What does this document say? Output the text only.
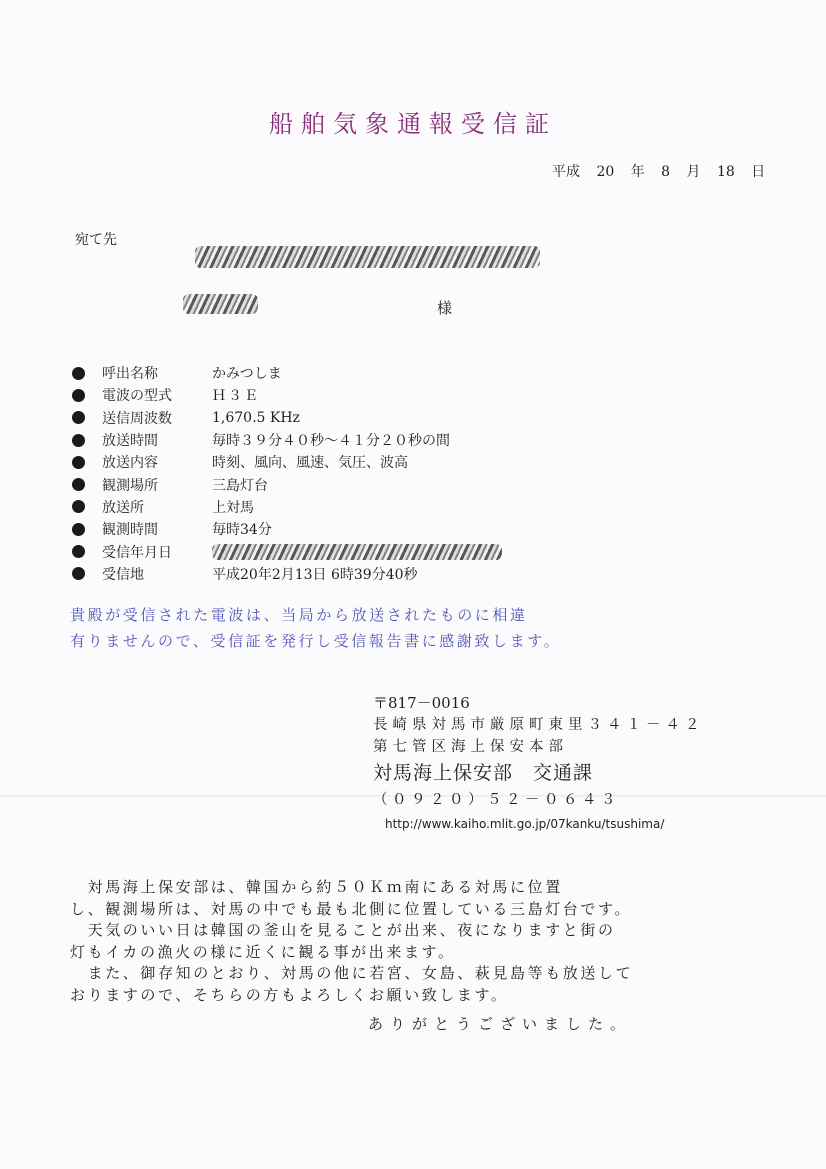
船舶気象通報受信証
平成 20 年 8 月 18 日
宛て先
様
呼出名称	かみつしま
電波の型式	Ｈ３Ｅ
送信周波数	1,670.5 KHz
放送時間	毎時３９分４０秒～４１分２０秒の間
放送内容	時刻、風向、風速、気圧、波高
観測場所	三島灯台
放送所	上対馬
観測時間	毎時34分
受信年月日
受信地	平成20年2月13日 6時39分40秒
貴殿が受信された電波は、当局から放送されたものに相違
有りませんので、受信証を発行し受信報告書に感謝致します。
〒817－0016
長崎県対馬市厳原町東里３４１－４２
第七管区海上保安本部
対馬海上保安部　交通課
（０９２０）５２－０６４３
http://www.kaiho.mlit.go.jp/07kanku/tsushima/
　対馬海上保安部は、韓国から約５０Ｋｍ南にある対馬に位置
し、観測場所は、対馬の中でも最も北側に位置している三島灯台です。
　天気のいい日は韓国の釜山を見ることが出来、夜になりますと街の
灯もイカの漁火の様に近くに観る事が出来ます。
　また、御存知のとおり、対馬の他に若宮、女島、萩見島等も放送して
おりますので、そちらの方もよろしくお願い致します。
ありがとうございました。
